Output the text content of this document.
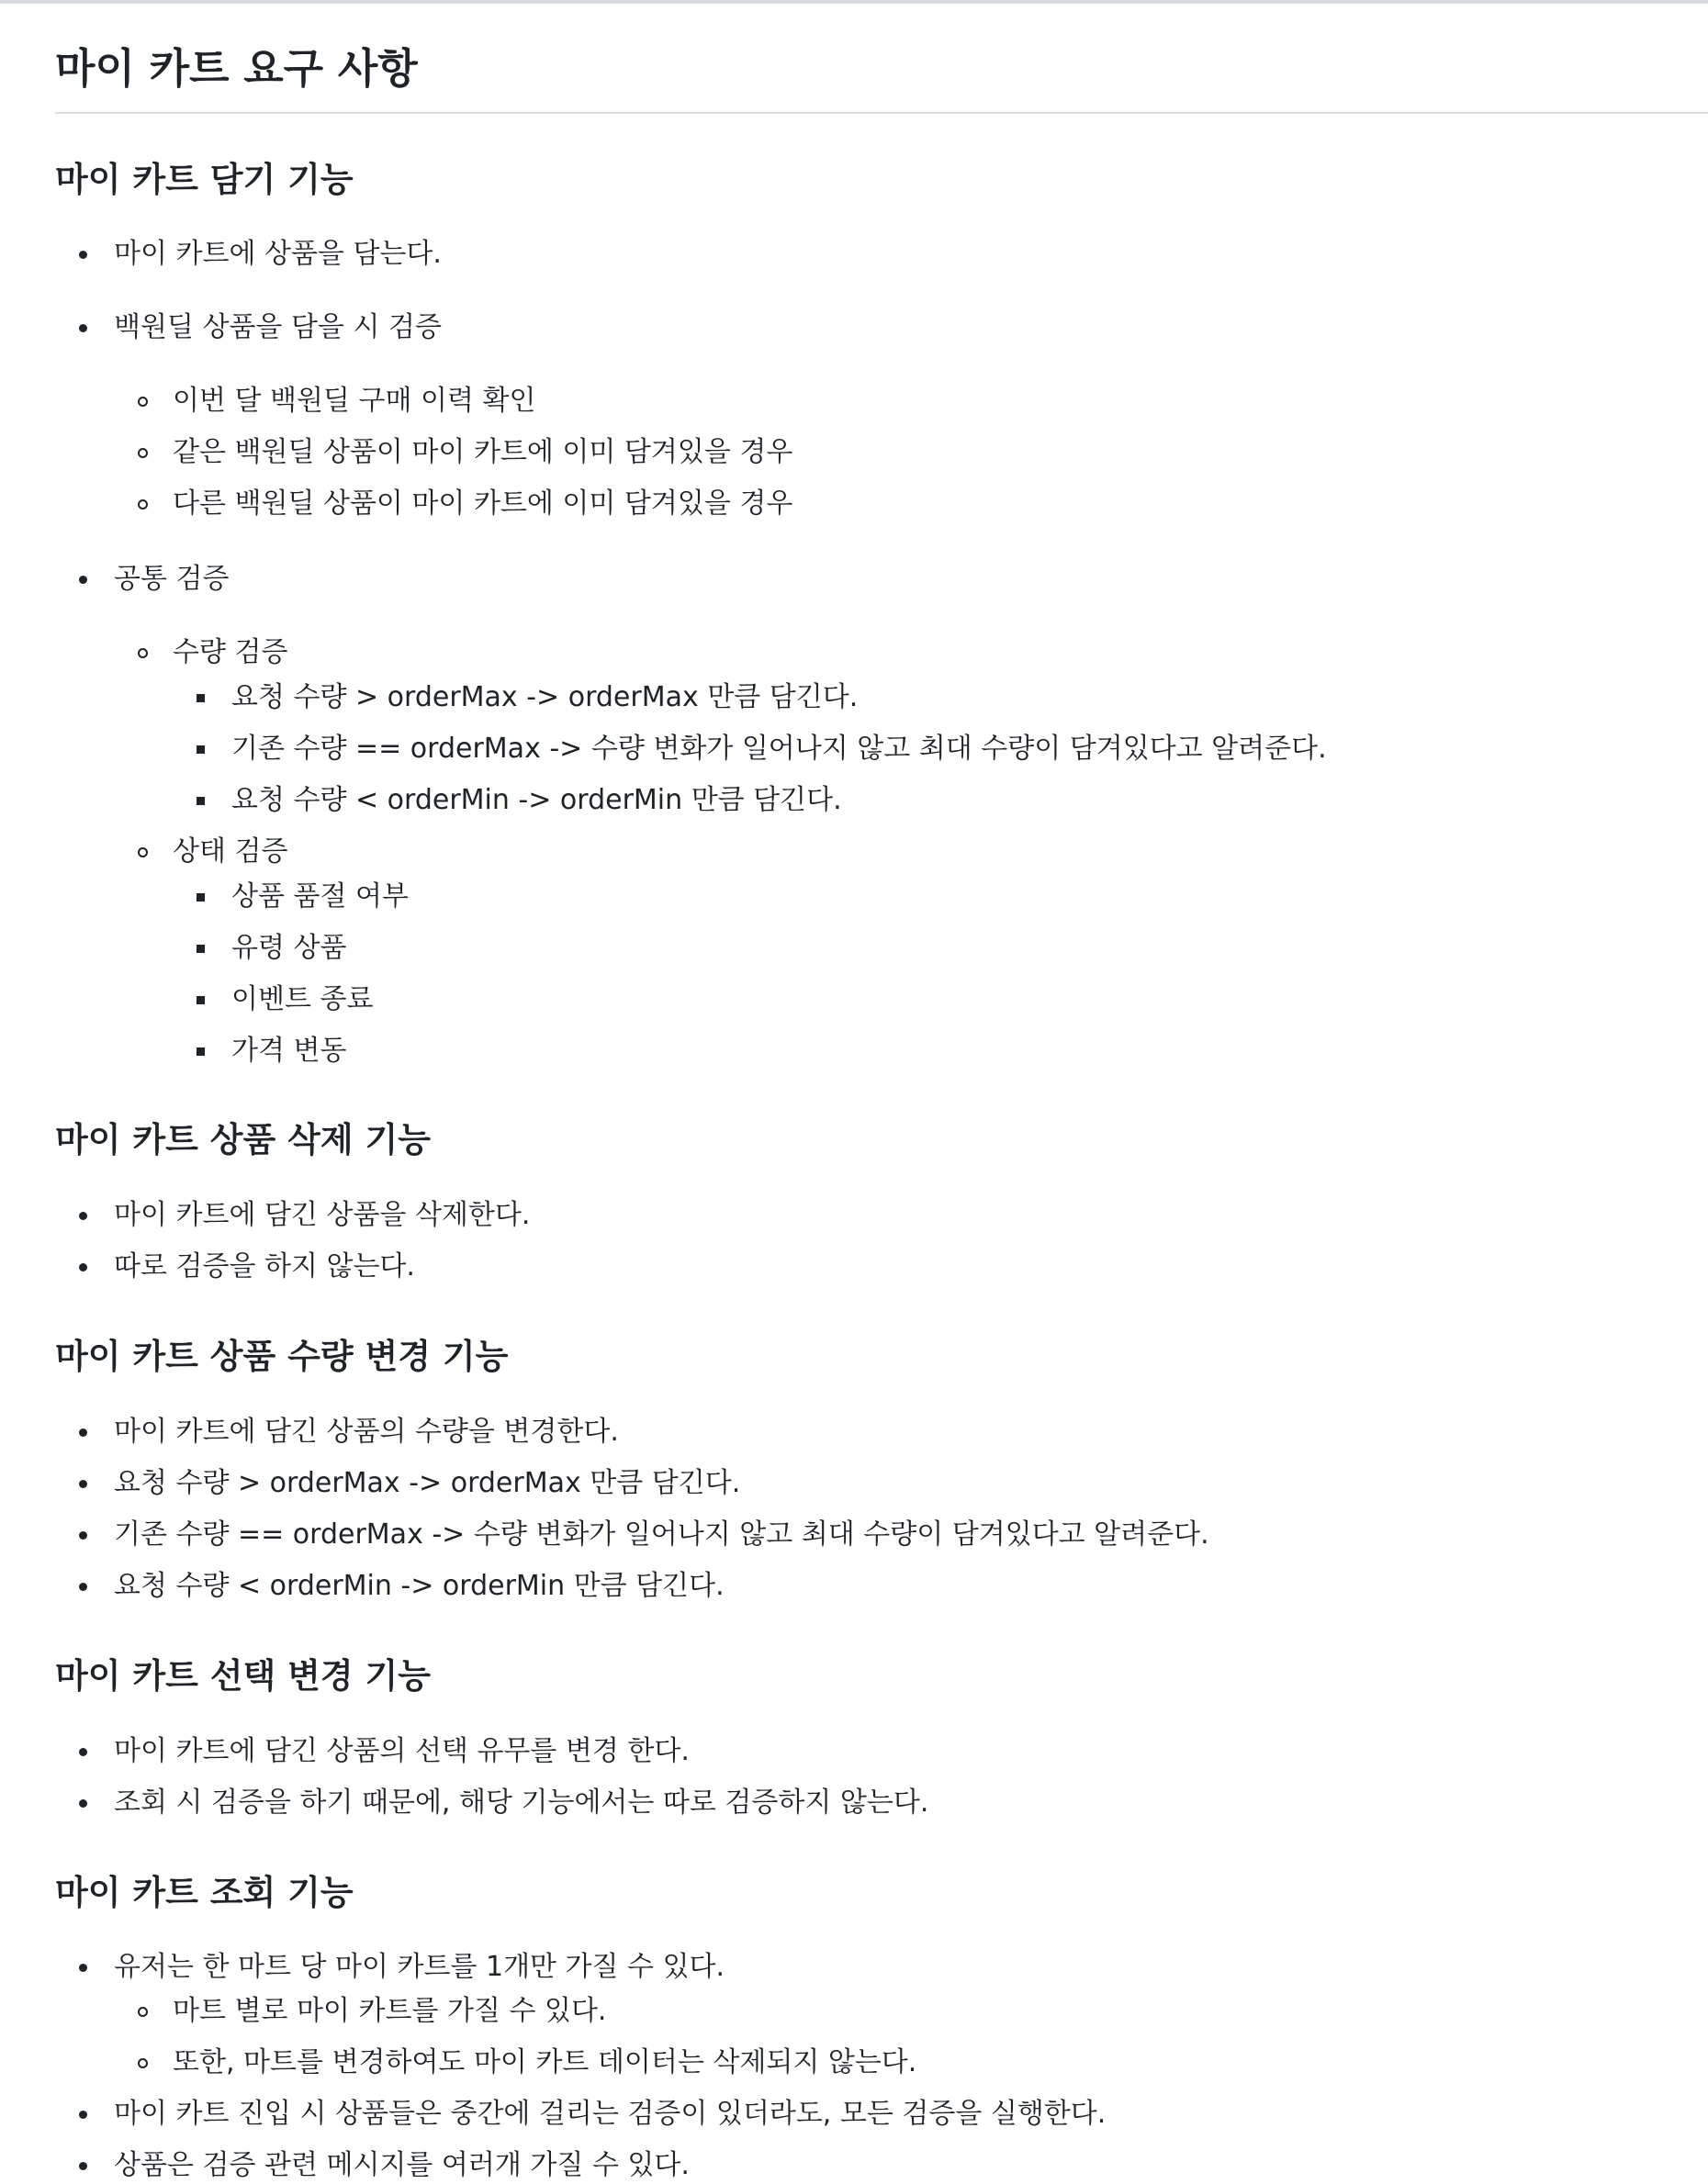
마이 카트 요구 사항
마이 카트 담기 기능
마이 카트에 상품을 담는다.
백원딜 상품을 담을 시 검증
이번 달 백원딜 구매 이력 확인
같은 백원딜 상품이 마이 카트에 이미 담겨있을 경우
다른 백원딜 상품이 마이 카트에 이미 담겨있을 경우
공통 검증
수량 검증
요청 수량 > orderMax -> orderMax 만큼 담긴다.
기존 수량 == orderMax -> 수량 변화가 일어나지 않고 최대 수량이 담겨있다고 알려준다.
요청 수량 < orderMin -> orderMin 만큼 담긴다.
상태 검증
상품 품절 여부
유령 상품
이벤트 종료
가격 변동
마이 카트 상품 삭제 기능
마이 카트에 담긴 상품을 삭제한다.
따로 검증을 하지 않는다.
마이 카트 상품 수량 변경 기능
마이 카트에 담긴 상품의 수량을 변경한다.
요청 수량 > orderMax -> orderMax 만큼 담긴다.
기존 수량 == orderMax -> 수량 변화가 일어나지 않고 최대 수량이 담겨있다고 알려준다.
요청 수량 < orderMin -> orderMin 만큼 담긴다.
마이 카트 선택 변경 기능
마이 카트에 담긴 상품의 선택 유무를 변경 한다.
조회 시 검증을 하기 때문에, 해당 기능에서는 따로 검증하지 않는다.
마이 카트 조회 기능
유저는 한 마트 당 마이 카트를 1개만 가질 수 있다.
마트 별로 마이 카트를 가질 수 있다.
또한, 마트를 변경하여도 마이 카트 데이터는 삭제되지 않는다.
마이 카트 진입 시 상품들은 중간에 걸리는 검증이 있더라도, 모든 검증을 실행한다.
상품은 검증 관련 메시지를 여러개 가질 수 있다.
